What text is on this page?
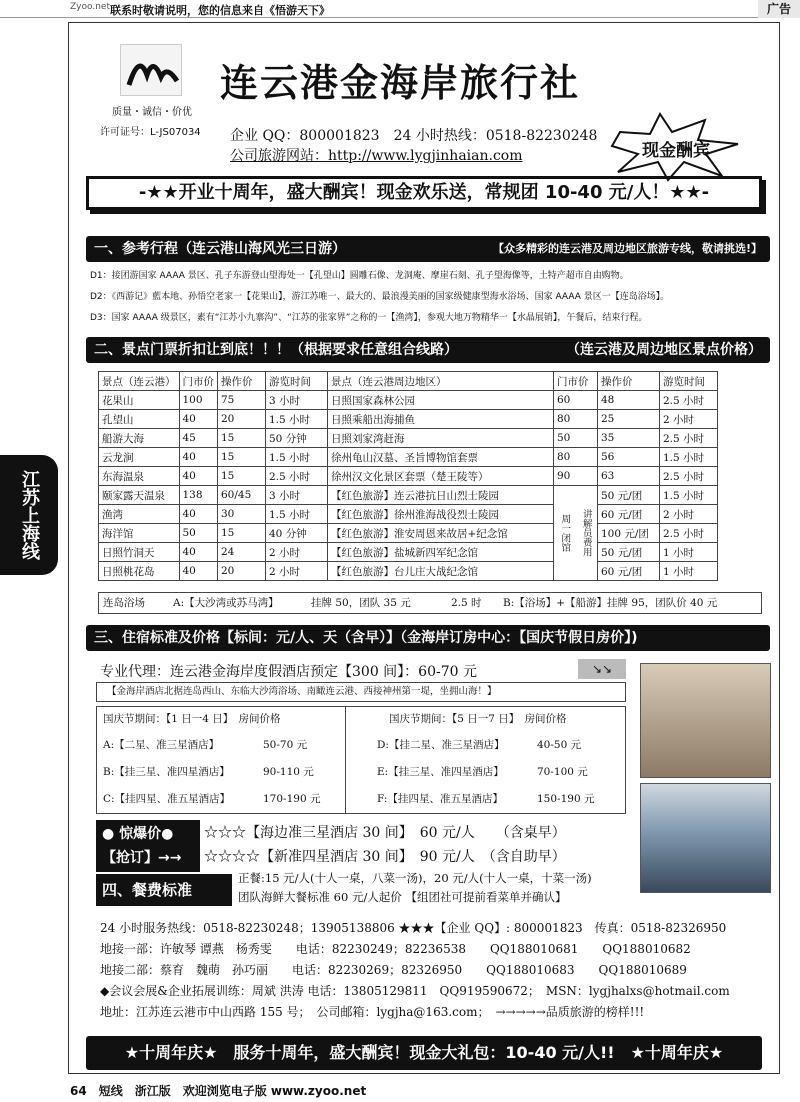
Zyoo.net 联系时敬请说明，您的信息来自《悟游天下》	广告
江苏上海线
连云港金海岸旅行社
质量・诚信・价优
许可证号：L-JS07034 企业 QQ：800001823　24 小时热线：0518-82230248
公司旅游网站：http://www.lygjinhaian.com	现金酬宾
-★★开业十周年，盛大酬宾！现金欢乐送，常规团 10-40 元/人！★★-
一、参考行程（连云港山海风光三日游）	【众多精彩的连云港及周边地区旅游专线，敬请挑选!】
D1：接团游国家 AAAA 景区、孔子东游登山望海处一【孔望山】圆雕石像、龙洞庵、摩崖石刻、孔子望海像等，土特产超市自由购物。
D2：《西游记》藍本地、孙悟空老家一【花果山】，游江苏唯一、最大的、最浪漫美丽的国家级健康型海水浴场、国家 AAAA 景区一【连岛浴场】。
D3：国家 AAAA 级景区，素有“江苏小九寨沟”、“江苏的张家界”之称的一【渔湾】，参观大地万物精华一【水晶展销】，午餐后，结束行程。
二、景点门票折扣让到底！！！（根据要求任意组合线路）	（连云港及周边地区景点价格）
景点（连云港）	门市价	操作价	游览时间	景点（连云港周边地区）	门市价	操作价	游览时间
花果山	100	75	3 小时	日照国家森林公园	60	48	2.5 小时
孔望山	40	20	1.5 小时	日照乘船出海捕鱼	80	25	2 小时
船游大海	45	15	50 分钟	日照刘家湾赶海	50	35	2.5 小时
云龙涧	40	15	1.5 小时	徐州龟山汉墓、圣旨博物馆套票	80	56	1.5 小时
东海温泉	40	15	2.5 小时	徐州汉文化景区套票（楚王陵等）	90	63	2.5 小时
颐家露天温泉	138	60/45	3 小时	【红色旅游】连云港抗日山烈士陵园	周一闭馆 讲解员费用	50 元/团	1.5 小时
渔湾	40	30	1.5 小时	【红色旅游】徐州淮海战役烈士陵园		60 元/团	2 小时
海洋馆	50	15	40 分钟	【红色旅游】淮安周恩来故居+纪念馆		100 元/团	2.5 小时
日照竹洞天	40	24	2 小时	【红色旅游】盐城新四军纪念馆		50 元/团	1 小时
日照桃花岛	40	20	2 小时	【红色旅游】台儿庄大战纪念馆		60 元/团	1 小时
连岛浴场	A:【大沙湾或苏马湾】	挂牌 50，团队 35 元	2.5 时 B:【浴场】+【船游】挂牌 95，团队价 40 元
三、住宿标准及价格【标间：元/人、天（含早）】（金海岸订房中心：【国庆节假日房价】)
专业代理：连云港金海岸度假酒店预定【300 间】：60-70 元	↘↘
【金海岸酒店北据连岛西山、东临大沙湾浴场、南瞰连云港、西接神州第一堤，坐拥山海！】
国庆节期间：【1 日一4 日】　房间价格	国庆节期间：【5 日一7 日】　房间价格
A:【二星、准三星酒店】	50-70 元
B:【挂三星、准四星酒店】	90-110 元
C:【挂四星、准五星酒店】	170-190 元
D:【挂二星、准三星酒店】	40-50 元
E:【挂三星、准四星酒店】	70-100 元
F:【挂四星、准五星酒店】	150-190 元
● 惊爆价●
【抢订】→→
☆☆☆【海边准三星酒店 30 间】　60 元/人　　（含桌早）
☆☆☆☆【新准四星酒店 30 间】　90 元/人　（含自助早）
四、餐费标准
正餐:15 元/人(十人一桌，八菜一汤)，20 元/人(十人一桌，十菜一汤)
团队海鲜大餐标准 60 元/人起价 【组团社可提前看菜单并确认】
24 小时服务热线：0518-82230248；13905138806 ★★★【企业 QQ】: 800001823　传真：0518-82326950
地接一部：许敏琴 谭燕　杨秀雯　　电话：82230249；82236538　　QQ188010681　　QQ188010682
地接二部：蔡育　魏萌　孙巧丽　　电话：82230269；82326950　　QQ188010683　　QQ188010689
◆会议会展&企业拓展训练：周斌 洪涛 电话：13805129811　QQ919590672；　MSN：lygjhalxs@hotmail.com
地址：江苏连云港市中山西路 155 号；　公司邮箱：lygjha@163.com；　→→→→→品质旅游的榜样!!!
★十周年庆★　服务十周年，盛大酬宾！现金大礼包：10-40 元/人!!　★十周年庆★
64　短线　浙江版　欢迎浏览电子版 www.zyoo.net
